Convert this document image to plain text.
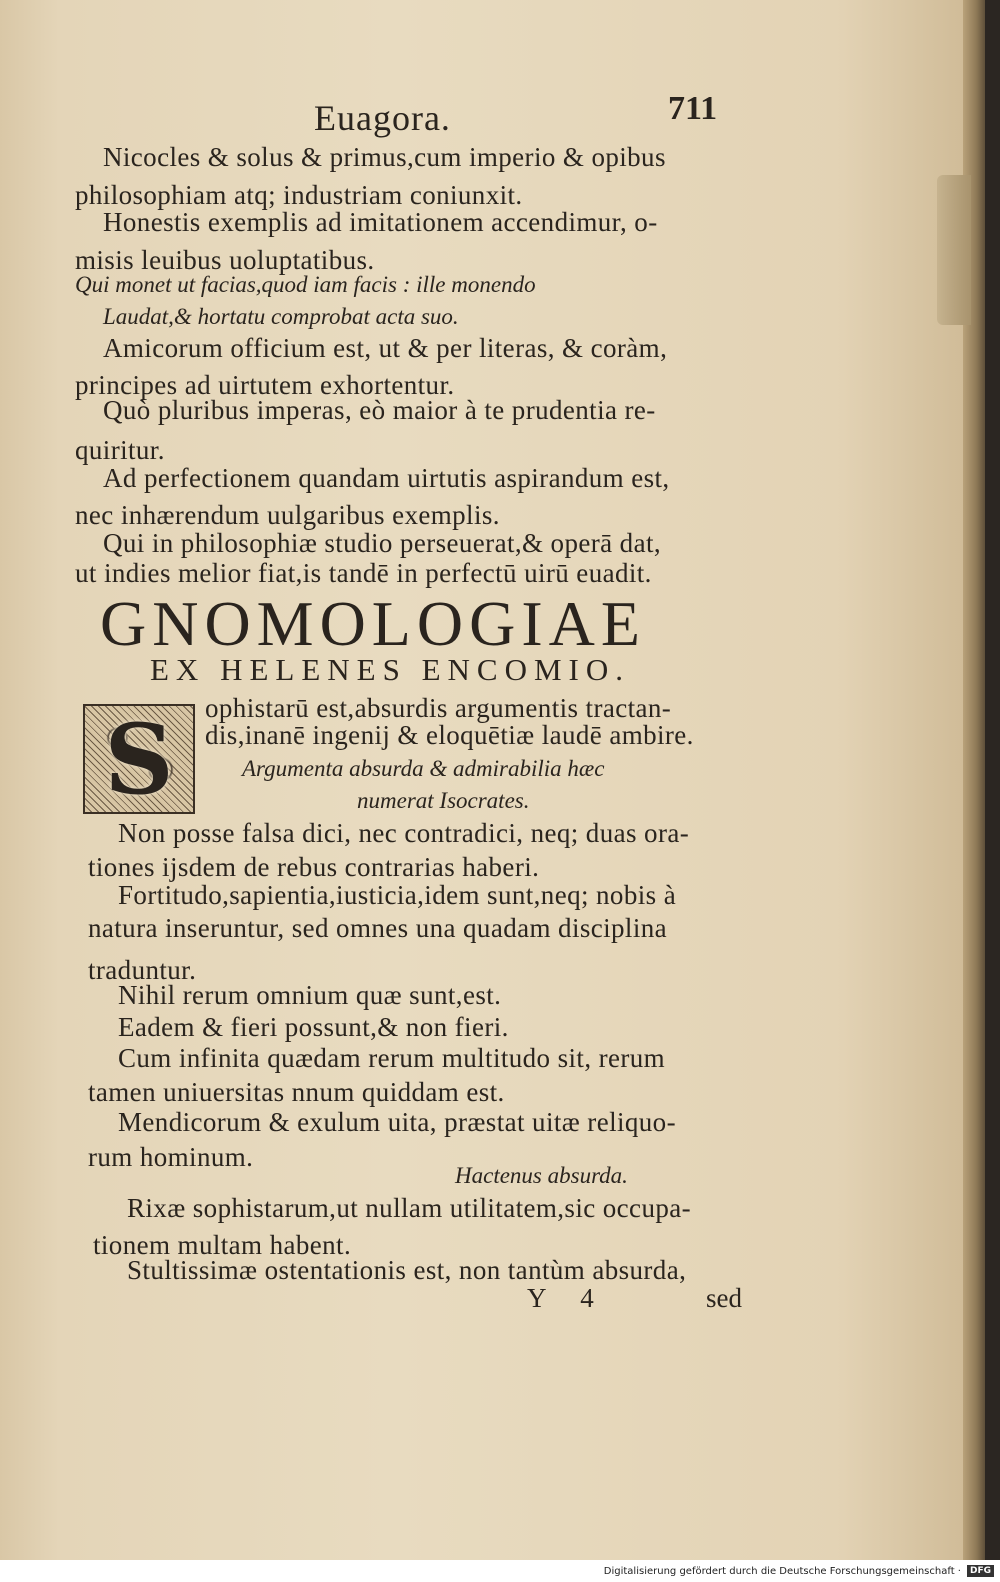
Euagora.	711
Nicocles & solus & primus,cum imperio & opibus
philosophiam atq; industriam coniunxit.
Honestis exemplis ad imitationem accendimur, o-
misis leuibus uoluptatibus.
Qui monet ut facias,quod iam facis : ille monendo
Laudat,& hortatu comprobat acta suo.
Amicorum officium est, ut & per literas, & coràm,
principes ad uirtutem exhortentur.
Quò pluribus imperas, eò maior à te prudentia re-
quiritur.
Ad perfectionem quandam uirtutis aspirandum est,
nec inhærendum uulgaribus exemplis.
Qui in philosophiæ studio perseuerat,& operā dat,
ut indies melior fiat,is tandē in perfectū uirū euadit.
GNOMOLOGIAE
EX HELENES ENCOMIO.
S	ophistarū est,absurdis argumentis tractan-
dis,inanē ingenij & eloquētiæ laudē ambire.
Argumenta absurda & admirabilia hæc
numerat Isocrates.
Non posse falsa dici, nec contradici, neq; duas ora-
tiones ijsdem de rebus contrarias haberi.
Fortitudo,sapientia,iusticia,idem sunt,neq; nobis à
natura inseruntur, sed omnes una quadam disciplina
traduntur.
Nihil rerum omnium quæ sunt,est.
Eadem & fieri possunt,& non fieri.
Cum infinita quædam rerum multitudo sit, rerum
tamen uniuersitas nnum quiddam est.
Mendicorum & exulum uita, præstat uitæ reliquo-
rum hominum.
Hactenus absurda.
Rixæ sophistarum,ut nullam utilitatem,sic occupa-
tionem multam habent.
Stultissimæ ostentationis est, non tantùm absurda,
Y 4	sed
Digitalisierung gefördert durch die Deutsche Forschungsgemeinschaft ·	DFG
